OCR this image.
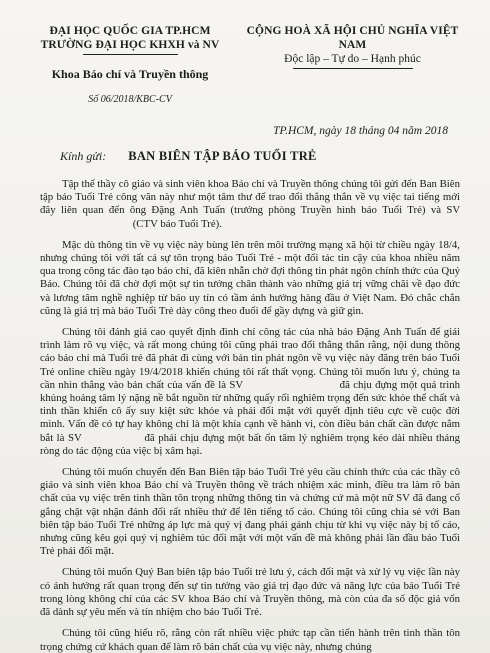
ĐẠI HỌC QUỐC GIA TP.HCM
TRƯỜNG ĐẠI HỌC KHXH và NV
Khoa Báo chí và Truyền thông
Số 06/2018/KBC-CV
CỘNG HOÀ XÃ HỘI CHỦ NGHĨA VIỆT NAM
Độc lập – Tự do – Hạnh phúc
TP.HCM, ngày 18 tháng 04 năm 2018
Kính gửi: BAN BIÊN TẬP BÁO TUỔI TRẺ

Tập thể thầy cô giáo và sinh viên khoa Báo chí và Truyền thông chúng tôi gửi đến Ban Biên tập báo Tuổi Trẻ công văn này như một tâm thư để trao đổi thẳng thắn về vụ việc tai tiếng mới đây liên quan đến ông Đặng Anh Tuấn (trưởng phòng Truyền hình báo Tuổi Trẻ) và SV  (CTV báo Tuổi Trẻ).

Mặc dù thông tin về vụ việc này bùng lên trên môi trường mạng xã hội từ chiều ngày 18/4, nhưng chúng tôi với tất cả sự tôn trọng báo Tuổi Trẻ - một đối tác tin cậy của khoa nhiều năm qua trong công tác đào tạo báo chí, đã kiên nhẫn chờ đợi thông tin phát ngôn chính thức của Quý Báo. Chúng tôi đã chờ đợi một sự tin tưởng chân thành vào những giá trị vững chãi về đạo đức và lương tâm nghề nghiệp từ báo uy tín có tầm ảnh hưởng hàng đầu ở Việt Nam. Đó chắc chắn cũng là giá trị mà báo Tuổi Trẻ dày công theo đuổi để gầy dựng và giữ gìn.

Chúng tôi đánh giá cao quyết định đình chỉ công tác của nhà báo Đặng Anh Tuấn để giải trình làm rõ vụ việc, và rất mong chúng tôi cũng phải trao đổi thẳng thắn rằng, nội dung thông cáo báo chí mà Tuổi trẻ đã phát đi cùng với bản tin phát ngôn về vụ việc này đăng trên báo Tuổi Trẻ online chiều ngày 19/4/2018 khiến chúng tôi rất thất vọng. Chúng tôi muốn lưu ý, chúng ta cần nhìn thẳng vào bản chất của vấn đề là SV	đã chịu đựng một quá trình khủng hoảng tâm lý nặng nề bắt nguồn từ những quấy rối nghiêm trọng đến sức khỏe thể chất và tinh thần khiến cô ấy suy kiệt sức khỏe và phải đối mặt với quyết định tiêu cực về cuộc đời mình. Vấn đề có tự hay không chỉ là một khía cạnh về hành vi, còn điều bản chất cần được nắm bắt là SV	đã phải chịu đựng một bất ổn tâm lý nghiêm trọng kéo dài nhiều tháng ròng do tác động của việc bị xâm hại.

Chúng tôi muốn chuyển đến Ban Biên tập báo Tuổi Trẻ yêu cầu chính thức của các thầy cô giáo và sinh viên khoa Báo chí và Truyền thông về trách nhiệm xác minh, điều tra làm rõ bản chất của vụ việc trên tinh thần tôn trọng những thông tin và chứng cứ mà một nữ SV đã đang cố gắng chật vật nhặn đánh đổi rất nhiều thứ để lên tiếng tố cáo. Chúng tôi cũng chia sẻ với Ban biên tập báo Tuổi Trẻ những áp lực mà quý vị đang phải gánh chịu từ khi vụ việc này bị tố cáo, nhưng cũng kêu gọi quý vị nghiêm túc đối mặt với một vấn đề mà không phải lần đầu báo Tuổi Trẻ phải đối mặt.

Chúng tôi muốn Quý Ban biên tập báo Tuổi trẻ lưu ý, cách đối mặt và xử lý vụ việc lần này có ảnh hưởng rất quan trọng đến sự tin tưởng vào giá trị đạo đức và năng lực của báo Tuổi Trẻ trong lòng không chỉ của các SV khoa Báo chí và Truyền thông, mà còn của đa số độc giả vốn đã dành sự yêu mến và tín nhiệm cho báo Tuổi Trẻ.

Chúng tôi cũng hiểu rõ, rằng còn rất nhiều việc phức tạp cần tiến hành trên tinh thần tôn trọng chứng cứ khách quan để làm rõ bản chất của vụ việc này, nhưng chúng
